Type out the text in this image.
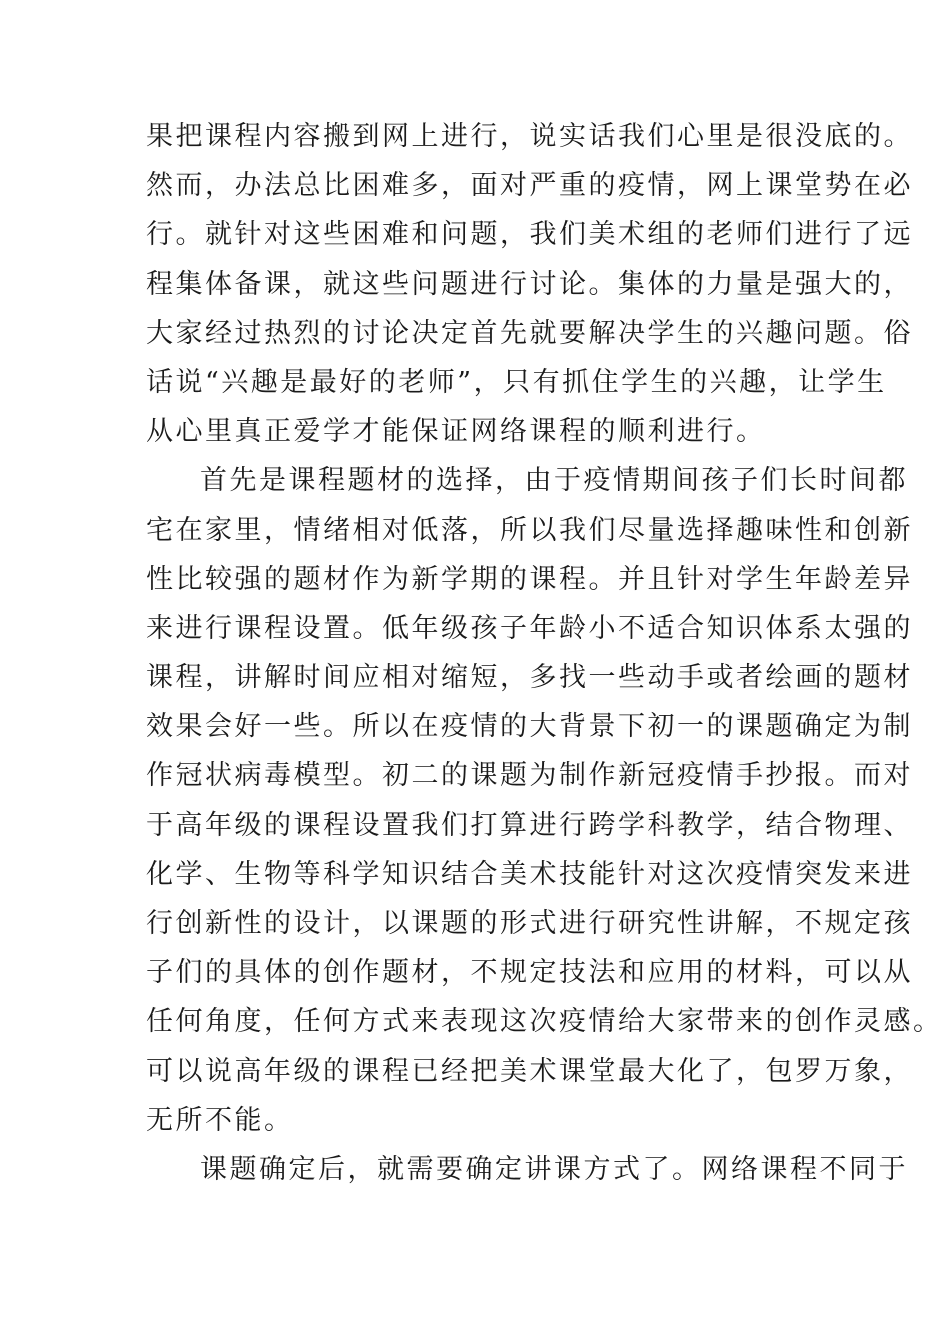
果把课程内容搬到网上进行，说实话我们心里是很没底的。
然而，办法总比困难多，面对严重的疫情，网上课堂势在必
行。就针对这些困难和问题，我们美术组的老师们进行了远
程集体备课，就这些问题进行讨论。集体的力量是强大的，
大家经过热烈的讨论决定首先就要解决学生的兴趣问题。俗
话说“兴趣是最好的老师”，只有抓住学生的兴趣，让学生
从心里真正爱学才能保证网络课程的顺利进行。
首先是课程题材的选择，由于疫情期间孩子们长时间都
宅在家里，情绪相对低落，所以我们尽量选择趣味性和创新
性比较强的题材作为新学期的课程。并且针对学生年龄差异
来进行课程设置。低年级孩子年龄小不适合知识体系太强的
课程，讲解时间应相对缩短，多找一些动手或者绘画的题材
效果会好一些。所以在疫情的大背景下初一的课题确定为制
作冠状病毒模型。初二的课题为制作新冠疫情手抄报。而对
于高年级的课程设置我们打算进行跨学科教学，结合物理、
化学、生物等科学知识结合美术技能针对这次疫情突发来进
行创新性的设计，以课题的形式进行研究性讲解，不规定孩
子们的具体的创作题材，不规定技法和应用的材料，可以从
任何角度，任何方式来表现这次疫情给大家带来的创作灵感。
可以说高年级的课程已经把美术课堂最大化了，包罗万象，
无所不能。
课题确定后，就需要确定讲课方式了。网络课程不同于
